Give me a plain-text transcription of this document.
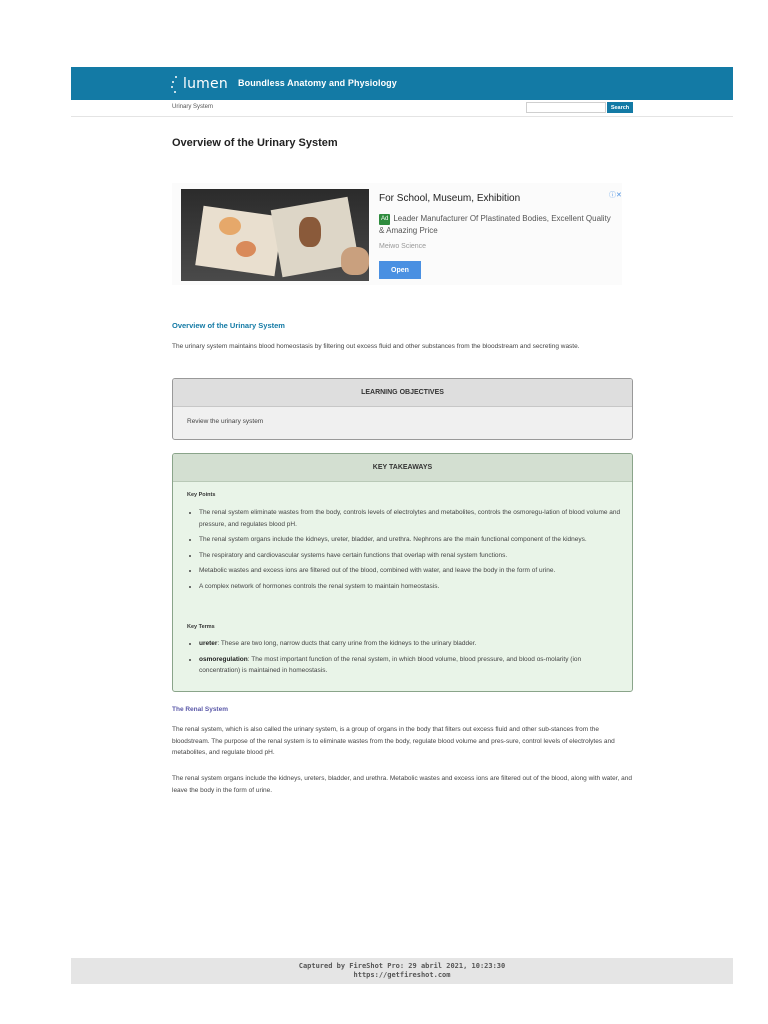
lumen Boundless Anatomy and Physiology
Urinary System	Search
Overview of the Urinary System
For School, Museum, Exhibition	ⓘ✕
Ad Leader Manufacturer Of Plastinated Bodies, Excellent Quality & Amazing Price
Meiwo Science
Open
Overview of the Urinary System
The urinary system maintains blood homeostasis by filtering out excess fluid and other substances from the bloodstream and secreting waste.
LEARNING OBJECTIVES
Review the urinary system
KEY TAKEAWAYS
Key Points
• The renal system eliminate wastes from the body, controls levels of electrolytes and metabolites, controls the osmoregu-lation of blood volume and pressure, and regulates blood pH.
• The renal system organs include the kidneys, ureter, bladder, and urethra. Nephrons are the main functional component of the kidneys.
• The respiratory and cardiovascular systems have certain functions that overlap with renal system functions.
• Metabolic wastes and excess ions are filtered out of the blood, combined with water, and leave the body in the form of urine.
• A complex network of hormones controls the renal system to maintain homeostasis.
Key Terms
• ureter: These are two long, narrow ducts that carry urine from the kidneys to the urinary bladder.
• osmoregulation: The most important function of the renal system, in which blood volume, blood pressure, and blood os-molarity (ion concentration) is maintained in homeostasis.
The Renal System
The renal system, which is also called the urinary system, is a group of organs in the body that filters out excess fluid and other sub-stances from the bloodstream. The purpose of the renal system is to eliminate wastes from the body, regulate blood volume and pres-sure, control levels of electrolytes and metabolites, and regulate blood pH.
The renal system organs include the kidneys, ureters, bladder, and urethra. Metabolic wastes and excess ions are filtered out of the blood, along with water, and leave the body in the form of urine.
Captured by FireShot Pro: 29 abril 2021, 10:23:30
https://getfireshot.com
